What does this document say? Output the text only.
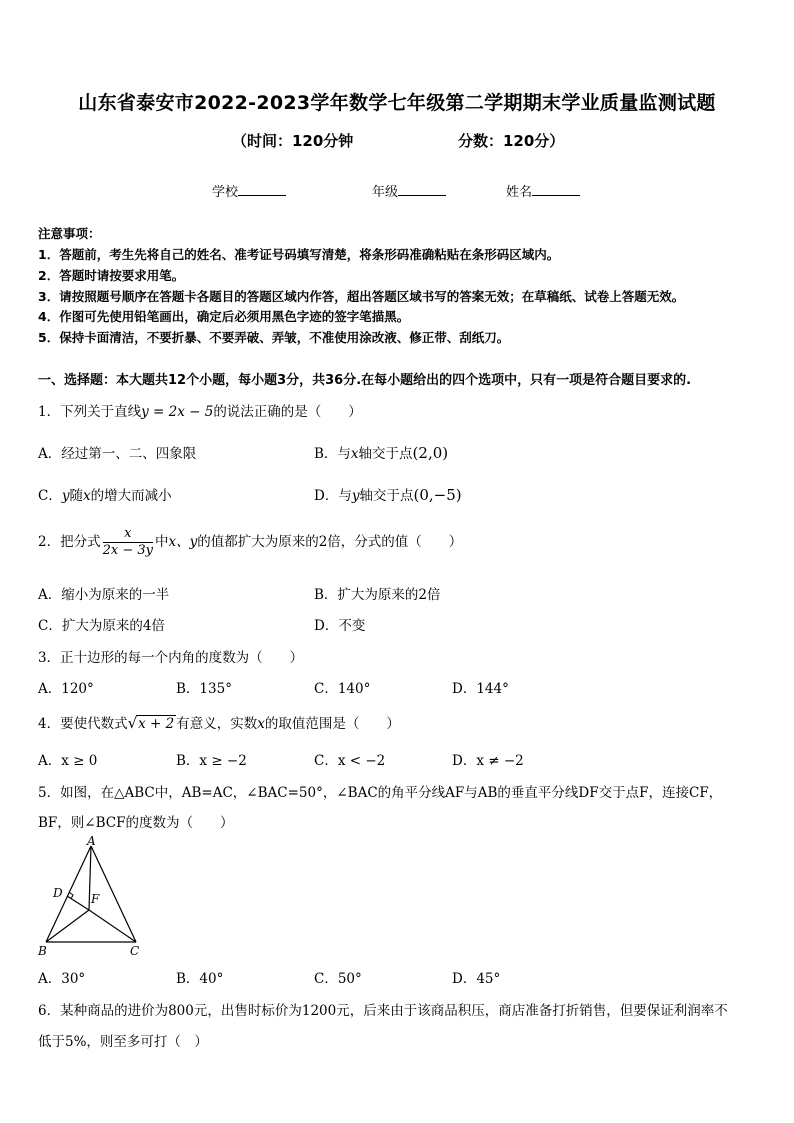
山东省泰安市2022-2023学年数学七年级第二学期期末学业质量监测试题
（时间：120分钟	分数：120分）
学校	年级	姓名
注意事项：
1．答题前，考生先将自己的姓名、准考证号码填写清楚，将条形码准确粘贴在条形码区域内。
2．答题时请按要求用笔。
3．请按照题号顺序在答题卡各题目的答题区域内作答，超出答题区域书写的答案无效；在草稿纸、试卷上答题无效。
4．作图可先使用铅笔画出，确定后必须用黑色字迹的签字笔描黑。
5．保持卡面清洁，不要折暴、不要弄破、弄皱，不准使用涂改液、修正带、刮纸刀。
一、选择题：本大题共12个小题，每小题3分，共36分.在每小题给出的四个选项中，只有一项是符合题目要求的.
1．下列关于直线y = 2x − 5的说法正确的是（　　）
A．经过第一、二、四象限	B．与x轴交于点(2,0)
C．y随x的增大而减小	D．与y轴交于点(0,−5)
2．把分式 $\frac{x}{2x - 3y}$ 中x、y的值都扩大为原来的2倍，分式的值（　　）
A．缩小为原来的一半	B．扩大为原来的2倍
C．扩大为原来的4倍	D．不变
3．正十边形的每一个内角的度数为（　　）
A．120°	B．135°	C．140°	D．144°
4．要使代数式√x + 2 有意义，实数x的取值范围是（　　）
A．x ≥ 0	B．x ≥ −2	C．x < −2	D．x ≠ −2
5．如图，在△ABC中，AB=AC，∠BAC=50°，∠BAC的角平分线AF与AB的垂直平分线DF交于点F，连接CF，
BF，则∠BCF的度数为（　　）
A
B	C
D F
A．30°	B．40°	C．50°	D．45°
6．某种商品的进价为800元，出售时标价为1200元，后来由于该商品积压，商店准备打折销售，但要保证利润率不
低于5%，则至多可打（　）
